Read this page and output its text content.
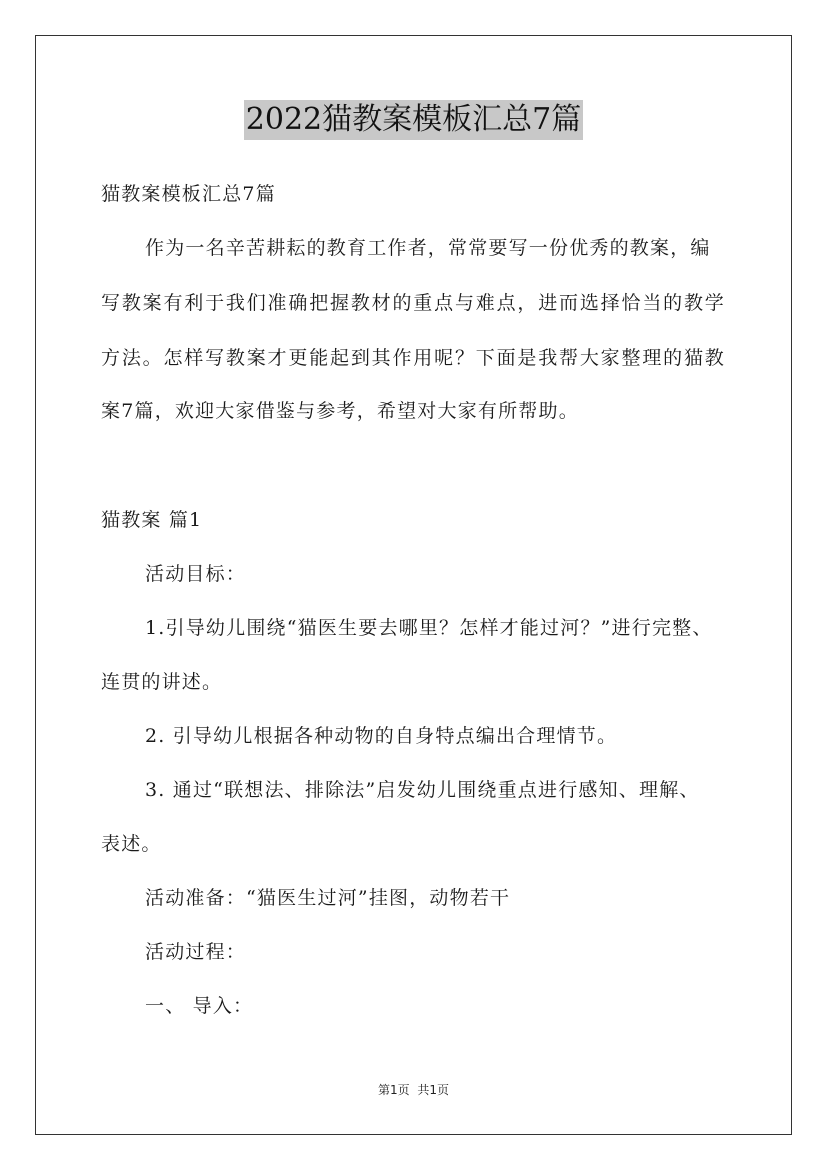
2022猫教案模板汇总7篇
猫教案模板汇总7篇
作为一名辛苦耕耘的教育工作者，常常要写一份优秀的教案，编
写教案有利于我们准确把握教材的重点与难点，进而选择恰当的教学
方法。怎样写教案才更能起到其作用呢？下面是我帮大家整理的猫教
案7篇，欢迎大家借鉴与参考，希望对大家有所帮助。
猫教案 篇1
活动目标：
1.引导幼儿围绕“猫医生要去哪里？怎样才能过河？”进行完整、
连贯的讲述。
2. 引导幼儿根据各种动物的自身特点编出合理情节。
3. 通过“联想法、排除法”启发幼儿围绕重点进行感知、理解、
表述。
活动准备：“猫医生过河”挂图，动物若干
活动过程：
一、 导入：
第1页 共1页
